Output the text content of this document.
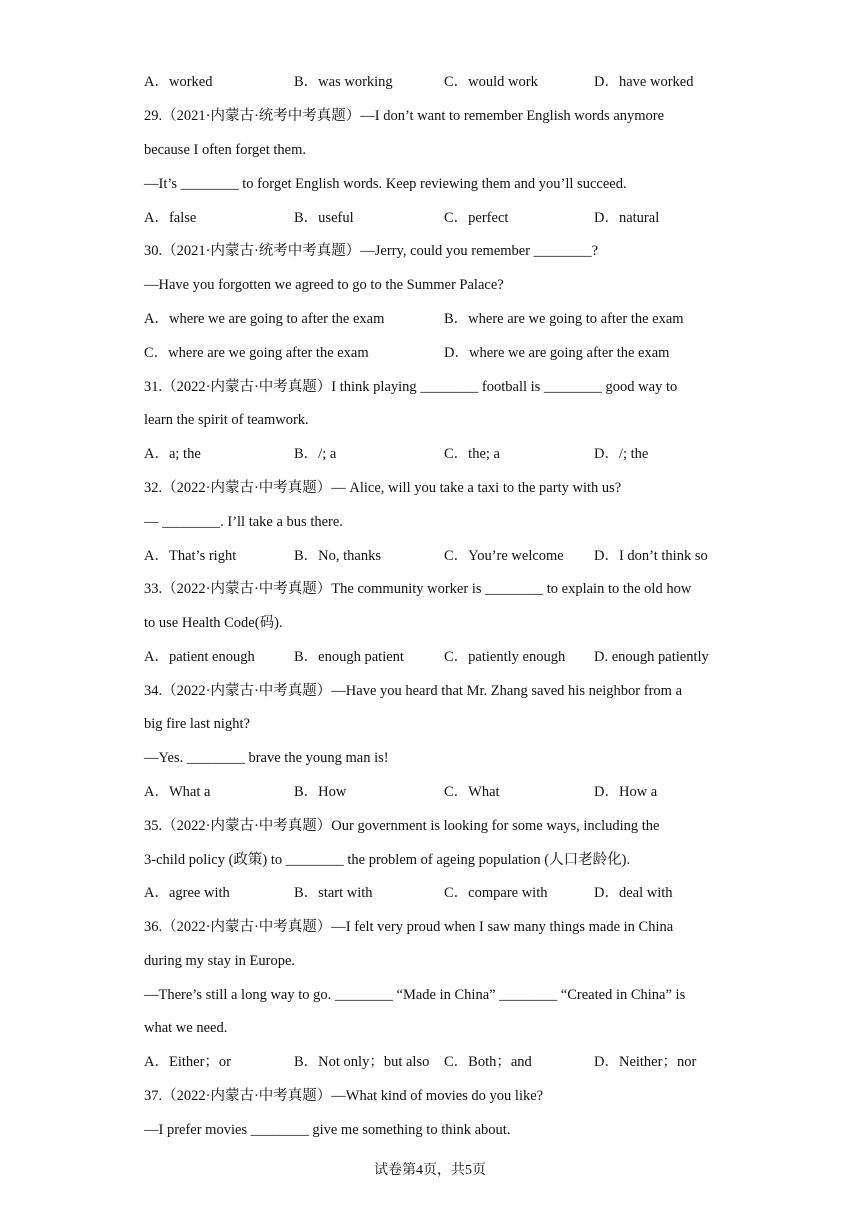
A．worked	B．was working	C．would work	D．have worked
29.（2021·内蒙古·统考中考真题）—I don’t want to remember English words anymore
because I often forget them.
—It’s ________ to forget English words. Keep reviewing them and you’ll succeed.
A．false	B．useful	C．perfect	D．natural
30.（2021·内蒙古·统考中考真题）—Jerry, could you remember ________?
—Have you forgotten we agreed to go to the Summer Palace?
A．where we are going to after the exam	B．where are we going to after the exam
C．where are we going after the exam	D．where we are going after the exam
31.（2022·内蒙古·中考真题）I think playing ________ football is ________ good way to
learn the spirit of teamwork.
A．a; the	B．/; a	C．the; a	D．/; the
32.（2022·内蒙古·中考真题）— Alice, will you take a taxi to the party with us?
— ________. I’ll take a bus there.
A．That’s right	B．No, thanks	C．You’re welcome D．I don’t think so
33.（2022·内蒙古·中考真题）The community worker is ________ to explain to the old how
to use Health Code(码).
A．patient enough	B．enough patient	C．patiently enough D. enough patiently
34.（2022·内蒙古·中考真题）—Have you heard that Mr. Zhang saved his neighbor from a
big fire last night?
—Yes. ________ brave the young man is!
A．What a	B．How	C．What	D．How a
35.（2022·内蒙古·中考真题）Our government is looking for some ways, including the
3-child policy (政策) to ________ the problem of ageing population (人口老龄化).
A．agree with	B．start with	C．compare with	D．deal with
36.（2022·内蒙古·中考真题）—I felt very proud when I saw many things made in China
during my stay in Europe.
—There’s still a long way to go. ________ “Made in China” ________ “Created in China” is
what we need.
A．Either；or	B．Not only；but also C．Both；and	D．Neither；nor
37.（2022·内蒙古·中考真题）—What kind of movies do you like?
—I prefer movies ________ give me something to think about.
试卷第4页，共5页
